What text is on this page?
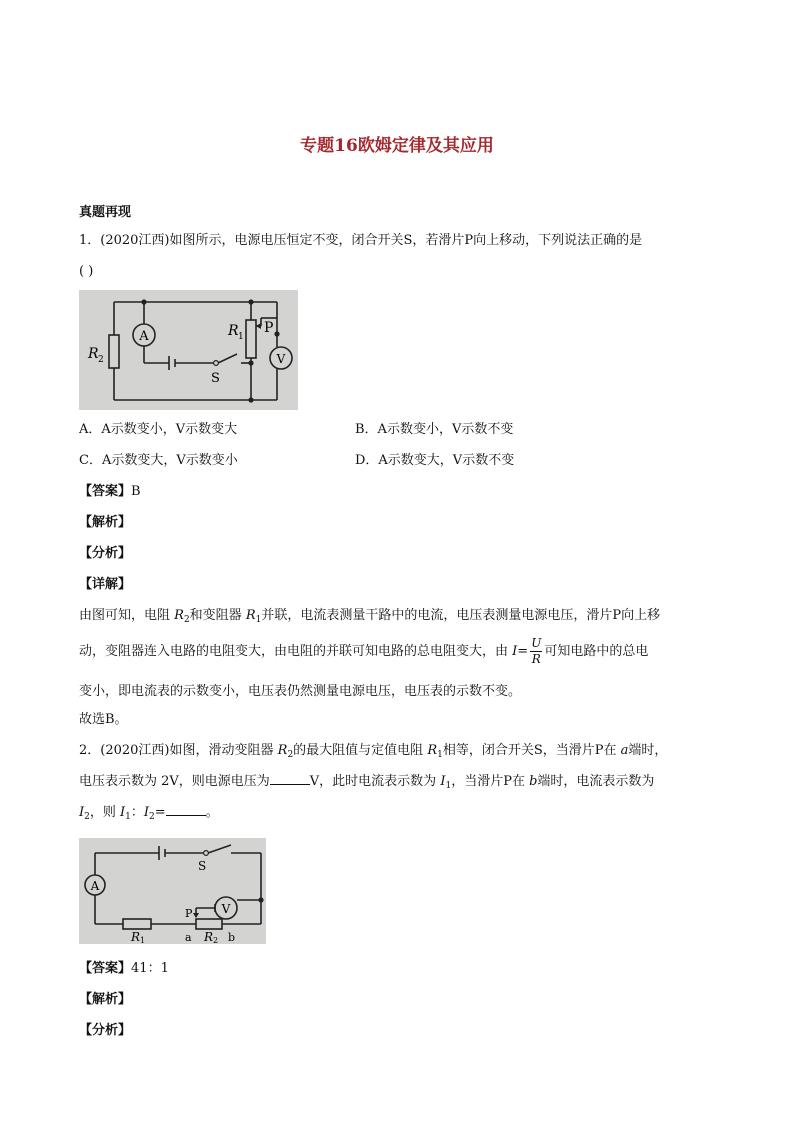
专题16欧姆定律及其应用
真题再现
1．(2020江西)如图所示，电源电压恒定不变，闭合开关S，若滑片P向上移动，下列说法正确的是
( )
A
V
R 2
R 1
P
S
A．A示数变小，V示数变大	B．A示数变小，V示数不变
C．A示数变大，V示数变小	D．A示数变大，V示数不变
【答案】B
【解析】
【分析】
【详解】
由图可知，电阻 $R_2$和变阻器 $R_1$并联，电流表测量干路中的电流，电压表测量电源电压，滑片P向上移
动，变阻器连入电路的电阻变大，由电阻的并联可知电路的总电阻变大，由 $I= \frac{U}{R}$ 可知电路中的总电
变小，即电流表的示数变小，电压表仍然测量电源电压，电压表的示数不变。
故选B。
2．(2020江西)如图，滑动变阻器 $R_2$的最大阻值与定值电阻 $R_1$相等，闭合开关S，当滑片P在 a端时，
电压表示数为 2V，则电源电压为	V，此时电流表示数为 $I_1$，当滑片P在 b端时，电流表示数为
$I_2$，则 $I_1$：$I_2=$	。
A
V
S
P
R 1	R 2
a	b
【答案】41：1
【解析】
【分析】
